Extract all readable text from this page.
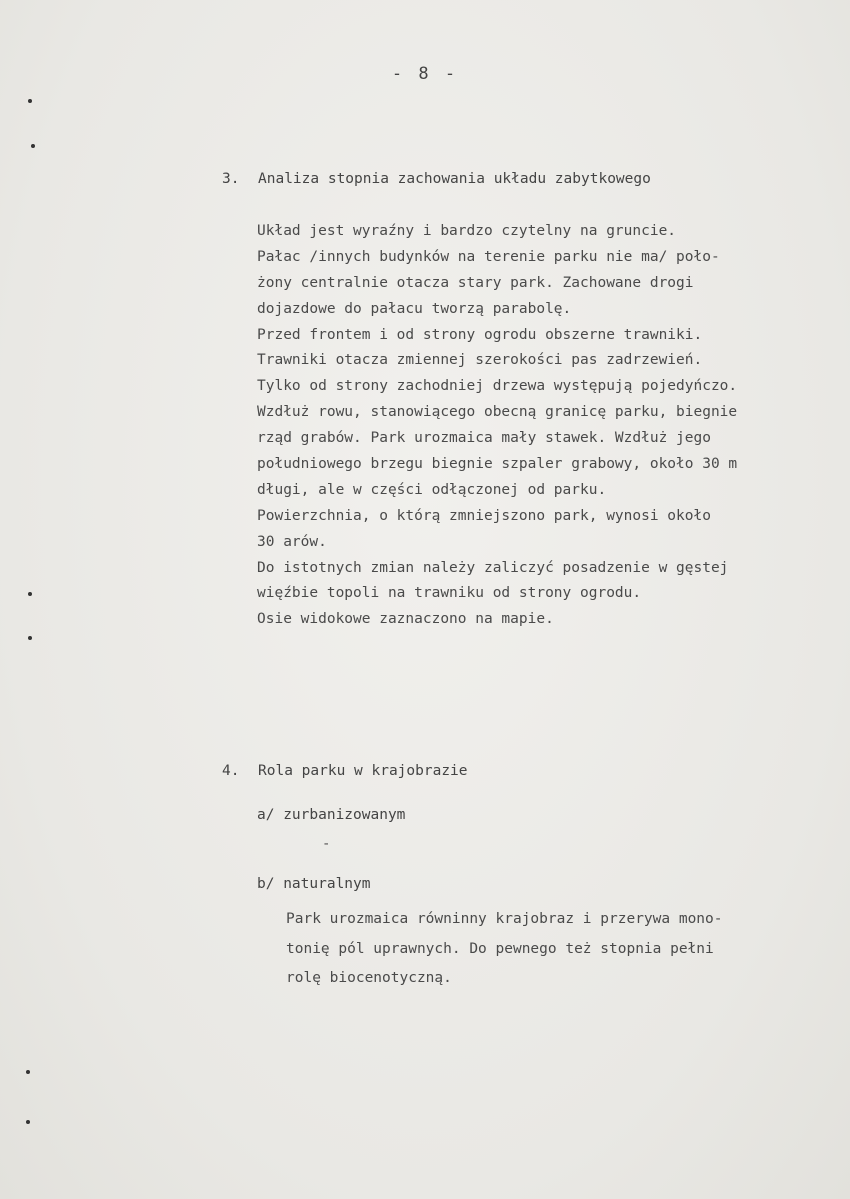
- 8 -
3. Analiza stopnia zachowania układu zabytkowego
Układ jest wyraźny i bardzo czytelny na gruncie.
Pałac /innych budynków na terenie parku nie ma/ poło-
żony centralnie otacza stary park. Zachowane drogi
dojazdowe do pałacu tworzą parabolę.
Przed frontem i od strony ogrodu obszerne trawniki.
Trawniki otacza zmiennej szerokości pas zadrzewień.
Tylko od strony zachodniej drzewa występują pojedyńczo.
Wzdłuż rowu, stanowiącego obecną granicę parku, biegnie
rząd grabów. Park urozmaica mały stawek. Wzdłuż jego
południowego brzegu biegnie szpaler grabowy, około 30 m
długi, ale w części odłączonej od parku.
Powierzchnia, o którą zmniejszono park, wynosi około
30 arów.
Do istotnych zmian należy zaliczyć posadzenie w gęstej
więźbie topoli na trawniku od strony ogrodu.
Osie widokowe zaznaczono na mapie.
4. Rola parku w krajobrazie
a/ zurbanizowanym
-
b/ naturalnym
Park urozmaica równinny krajobraz i przerywa mono-
tonię pól uprawnych. Do pewnego też stopnia pełni
rolę biocenotyczną.
